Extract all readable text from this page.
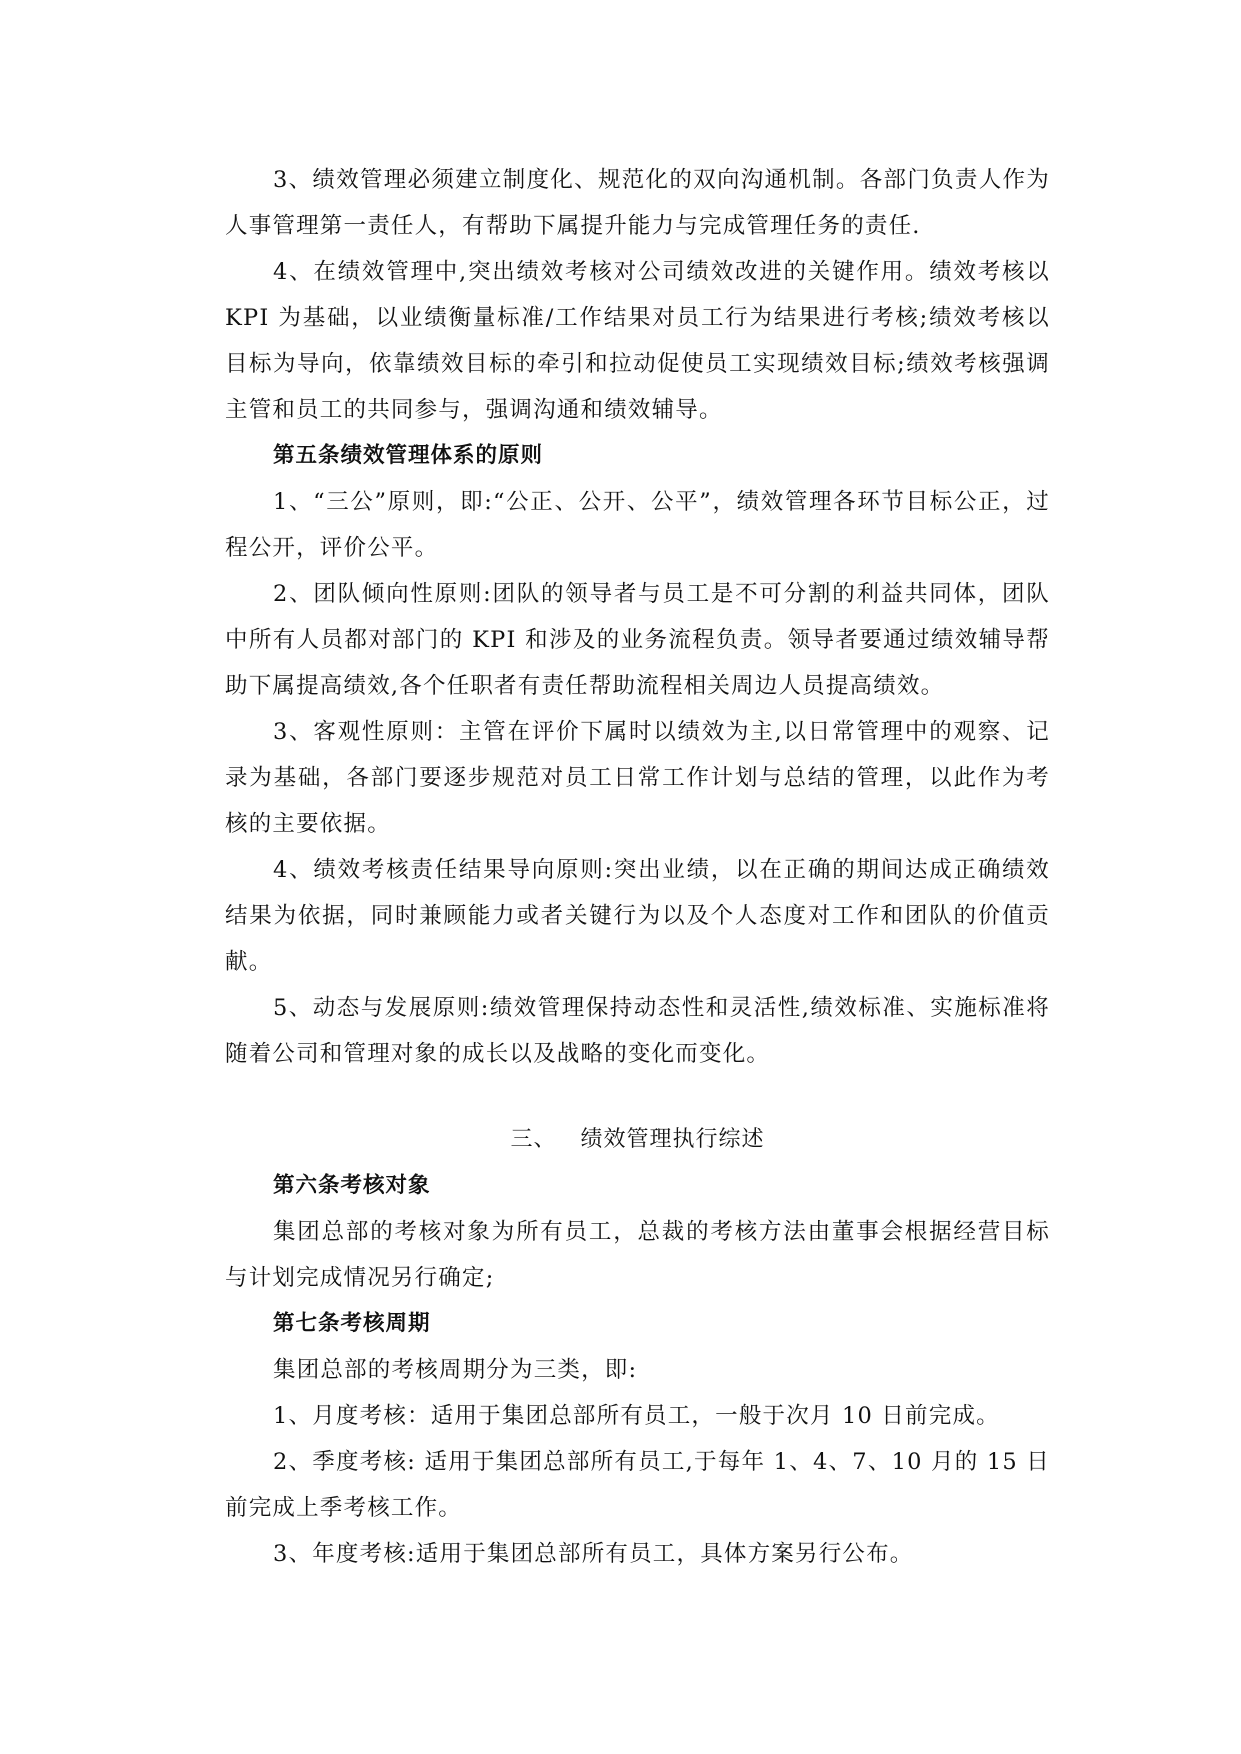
3、绩效管理必须建立制度化、规范化的双向沟通机制。各部门负责人作为人事管理第一责任人，有帮助下属提升能力与完成管理任务的责任.

4、在绩效管理中,突出绩效考核对公司绩效改进的关键作用。绩效考核以 KPI 为基础，以业绩衡量标准/工作结果对员工行为结果进行考核;绩效考核以目标为导向，依靠绩效目标的牵引和拉动促使员工实现绩效目标;绩效考核强调主管和员工的共同参与，强调沟通和绩效辅导。

第五条绩效管理体系的原则

1、“三公”原则，即:“公正、公开、公平”，绩效管理各环节目标公正，过程公开，评价公平。

2、团队倾向性原则:团队的领导者与员工是不可分割的利益共同体，团队中所有人员都对部门的 KPI 和涉及的业务流程负责。领导者要通过绩效辅导帮助下属提高绩效,各个任职者有责任帮助流程相关周边人员提高绩效。

3、客观性原则：主管在评价下属时以绩效为主,以日常管理中的观察、记录为基础，各部门要逐步规范对员工日常工作计划与总结的管理，以此作为考核的主要依据。

4、绩效考核责任结果导向原则:突出业绩，以在正确的期间达成正确绩效结果为依据，同时兼顾能力或者关键行为以及个人态度对工作和团队的价值贡献。

5、动态与发展原则:绩效管理保持动态性和灵活性,绩效标准、实施标准将随着公司和管理对象的成长以及战略的变化而变化。

三、 绩效管理执行综述

第六条考核对象

集团总部的考核对象为所有员工，总裁的考核方法由董事会根据经营目标与计划完成情况另行确定;

第七条考核周期

集团总部的考核周期分为三类，即:

1、月度考核：适用于集团总部所有员工，一般于次月 10 日前完成。

2、季度考核: 适用于集团总部所有员工,于每年 1、4、7、10 月的 15 日前完成上季考核工作。

3、年度考核:适用于集团总部所有员工，具体方案另行公布。
